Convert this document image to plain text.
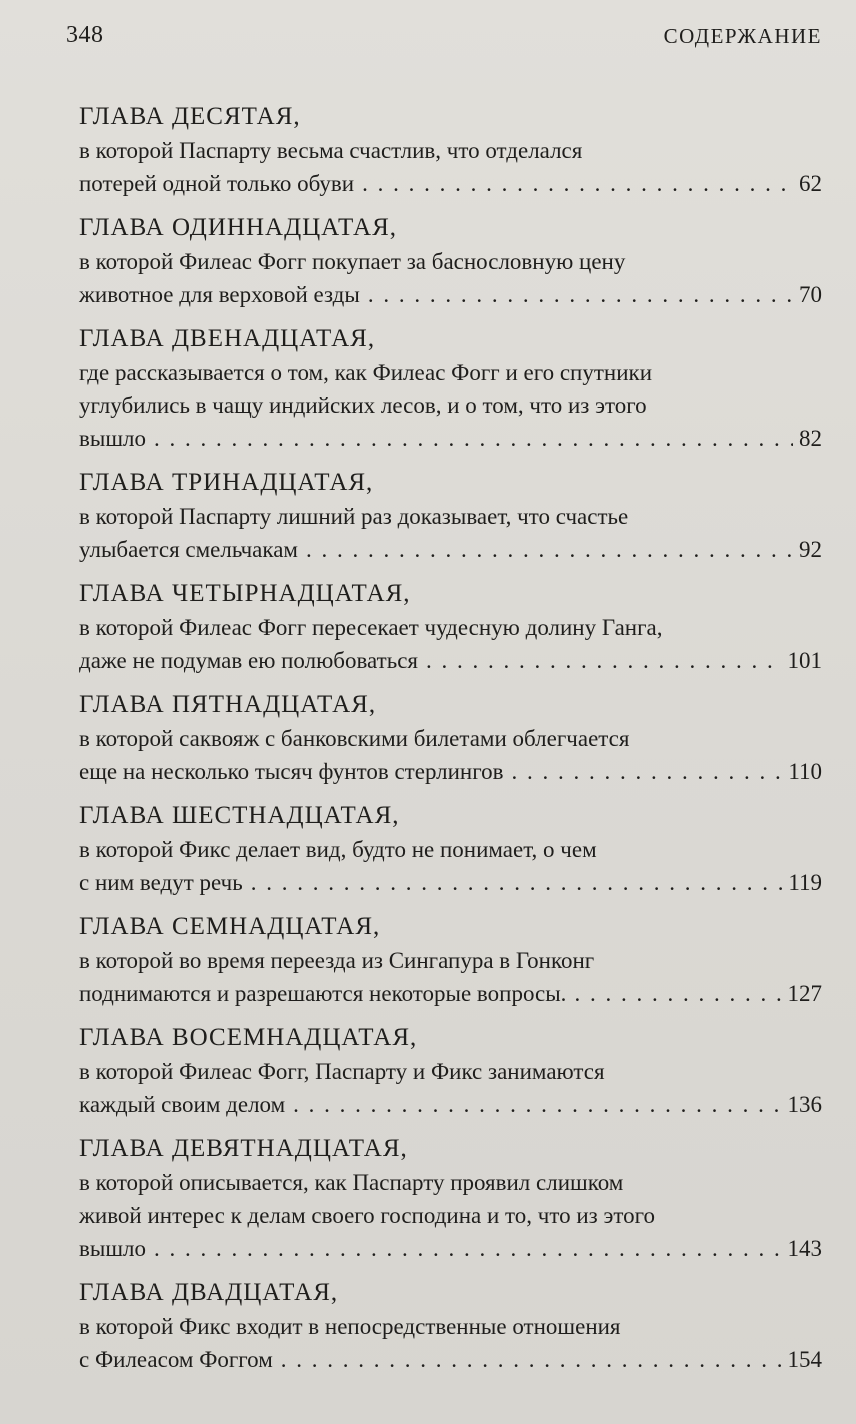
348	СОДЕРЖАНИЕ
ГЛАВА ДЕСЯТАЯ,
в которой Паспарту весьма счастлив, что отделался
потерей одной только обуви . . .	62
ГЛАВА ОДИННАДЦАТАЯ,
в которой Филеас Фогг покупает за баснословную цену
животное для верховой езды . . .	70
ГЛАВА ДВЕНАДЦАТАЯ,
где рассказывается о том, как Филеас Фогг и его спутники
углубились в чащу индийских лесов, и о том, что из этого
вышло . . .	82
ГЛАВА ТРИНАДЦАТАЯ,
в которой Паспарту лишний раз доказывает, что счастье
улыбается смельчакам . . .	92
ГЛАВА ЧЕТЫРНАДЦАТАЯ,
в которой Филеас Фогг пересекает чудесную долину Ганга,
даже не подумав ею полюбоваться . . .	101
ГЛАВА ПЯТНАДЦАТАЯ,
в которой саквояж с банковскими билетами облегчается
еще на несколько тысяч фунтов стерлингов . . .	110
ГЛАВА ШЕСТНАДЦАТАЯ,
в которой Фикс делает вид, будто не понимает, о чем
с ним ведут речь . . .	119
ГЛАВА СЕМНАДЦАТАЯ,
в которой во время переезда из Сингапура в Гонконг
поднимаются и разрешаются некоторые вопросы. . . .	127
ГЛАВА ВОСЕМНАДЦАТАЯ,
в которой Филеас Фогг, Паспарту и Фикс занимаются
каждый своим делом . . .	136
ГЛАВА ДЕВЯТНАДЦАТАЯ,
в которой описывается, как Паспарту проявил слишком
живой интерес к делам своего господина и то, что из этого
вышло . . .	143
ГЛАВА ДВАДЦАТАЯ,
в которой Фикс входит в непосредственные отношения
с Филеасом Фоггом . . .	154
